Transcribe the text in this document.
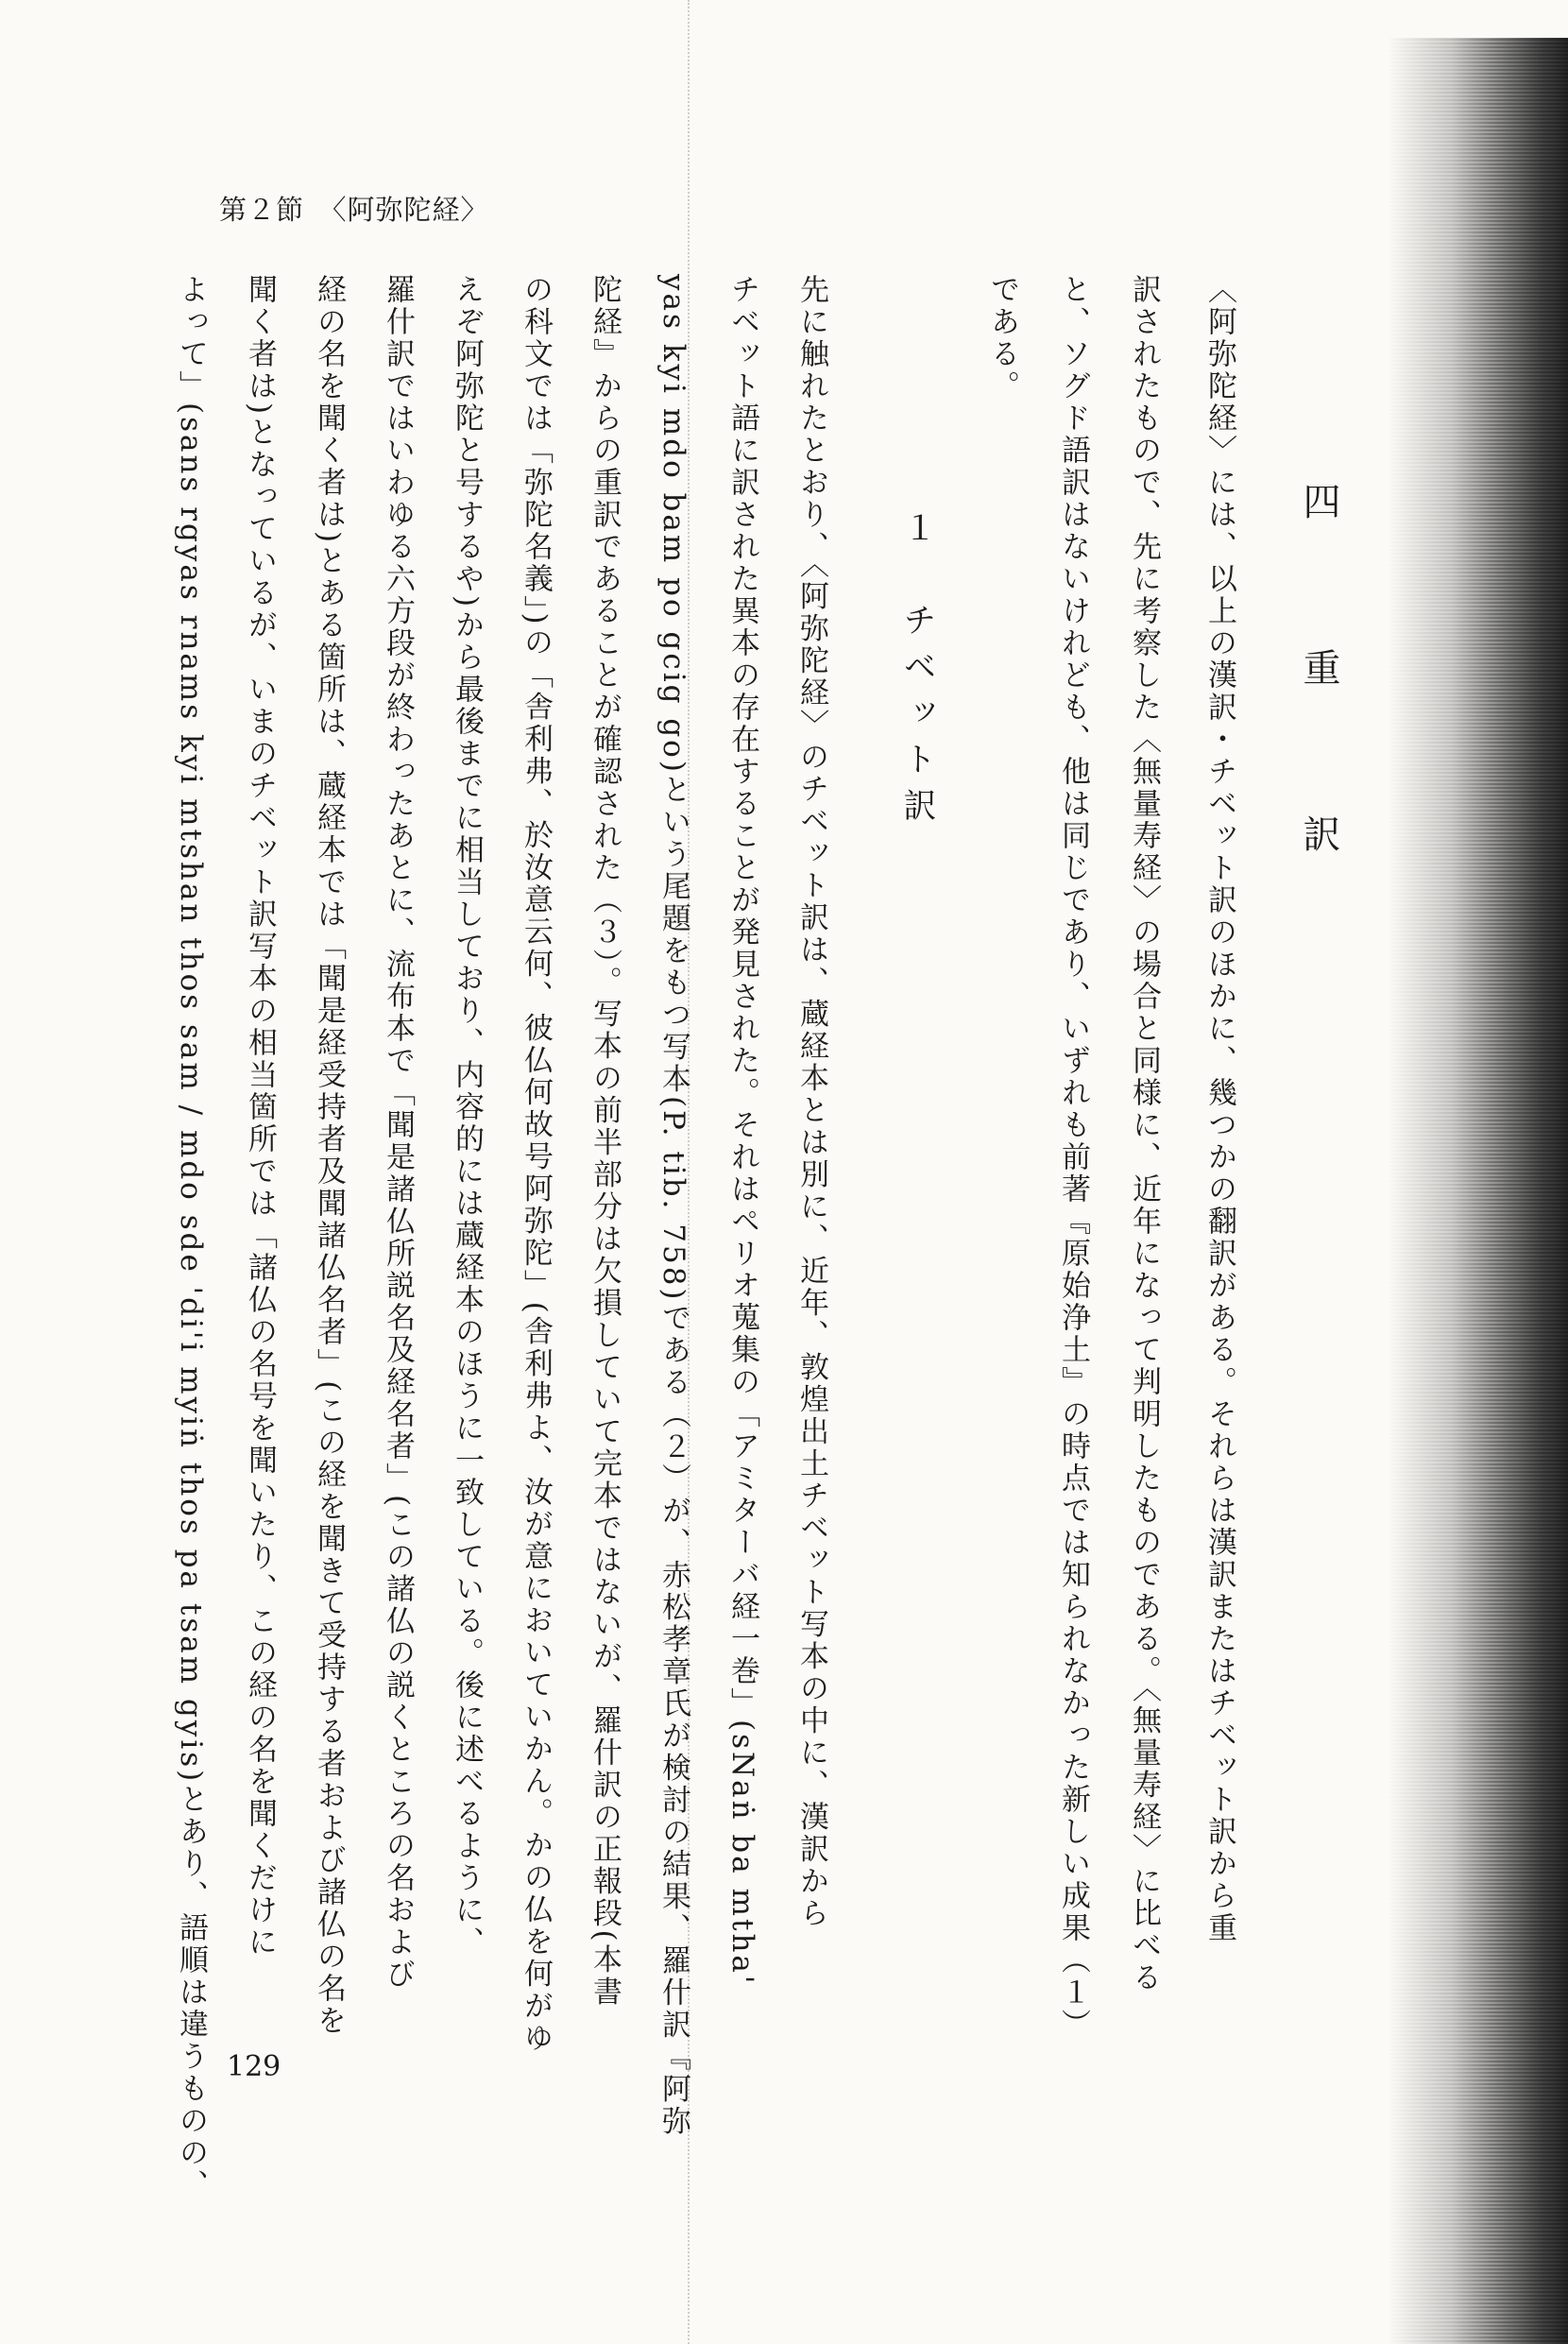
第２節　〈阿弥陀経〉
四　重　訳
〈阿弥陀経〉には、以上の漢訳・チベット訳のほかに、幾つかの翻訳がある。それらは漢訳またはチベット訳から重
訳されたもので、先に考察した〈無量寿経〉の場合と同様に、近年になって判明したものである。〈無量寿経〉に比べる
と、ソグド語訳はないけれども、他は同じであり、いずれも前著『原始浄土』の時点では知られなかった新しい成果（１）
である。
１　チベット訳
先に触れたとおり、〈阿弥陀経〉のチベット訳は、蔵経本とは別に、近年、敦煌出土チベット写本の中に、漢訳から
チベット語に訳された異本の存在することが発見された。それはペリオ蒐集の「アミターバ経一巻」(sNaṅ ba mtha'
yas kyi mdo bam po gcig go)という尾題をもつ写本(P. tib. 758)である（２）が、赤松孝章氏が検討の結果、羅什訳『阿弥
陀経』からの重訳であることが確認された（３）。写本の前半部分は欠損していて完本ではないが、羅什訳の正報段(本書
の科文では「弥陀名義」)の「舎利弗、於汝意云何、彼仏何故号阿弥陀」(舎利弗よ、汝が意においていかん。かの仏を何がゆ
えぞ阿弥陀と号するや)から最後までに相当しており、内容的には蔵経本のほうに一致している。後に述べるように、
羅什訳ではいわゆる六方段が終わったあとに、流布本で「聞是諸仏所説名及経名者」(この諸仏の説くところの名および
経の名を聞く者は)とある箇所は、蔵経本では「聞是経受持者及聞諸仏名者」(この経を聞きて受持する者および諸仏の名を
聞く者は)となっているが、いまのチベット訳写本の相当箇所では「諸仏の名号を聞いたり、この経の名を聞くだけに
よって」(sans rgyas rnams kyi mtshan thos sam / mdo sde 'di'i myiṅ thos pa tsam gyis)とあり、語順は違うものの、 129
